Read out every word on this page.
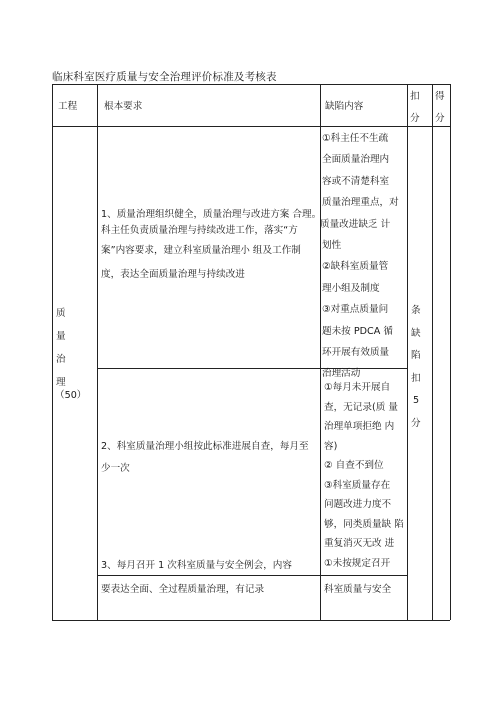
临床科室医疗质量与安全治理评价标准及考核表
工程	根本要求	缺陷内容
扣分
得分
质
量
治
理
（50）
1、质量治理组织健全，质量治理与改进方案 合理。
科主任负责质量治理与持续改进工作，落实“方
案”内容要求，建立科室质量治理小 组及工作制
度，表达全面质量治理与持续改进
2、科室质量治理小组按此标准进展自查，每月至
少一次
3、每月召开 1 次科室质量与安全例会，内容
要表达全面、全过程质量治理，有记录
①科主任不生疏
全面质量治理内
容或不清楚科室
质量治理重点，对
质量改进缺乏 计
划性
②缺科室质量管
理小组及制度
③对重点质量问
题未按 PDCA 循
环开展有效质量
治理活动
①每月未开展自
查，无记录(质 量
治理单项拒绝 内
容)
② 自查不到位
③科室质量存在
问题改进力度不
够，同类质量缺 陷
重复消灭无改 进
①未按规定召开
科室质量与安全
条
缺
陷
扣
5
分
